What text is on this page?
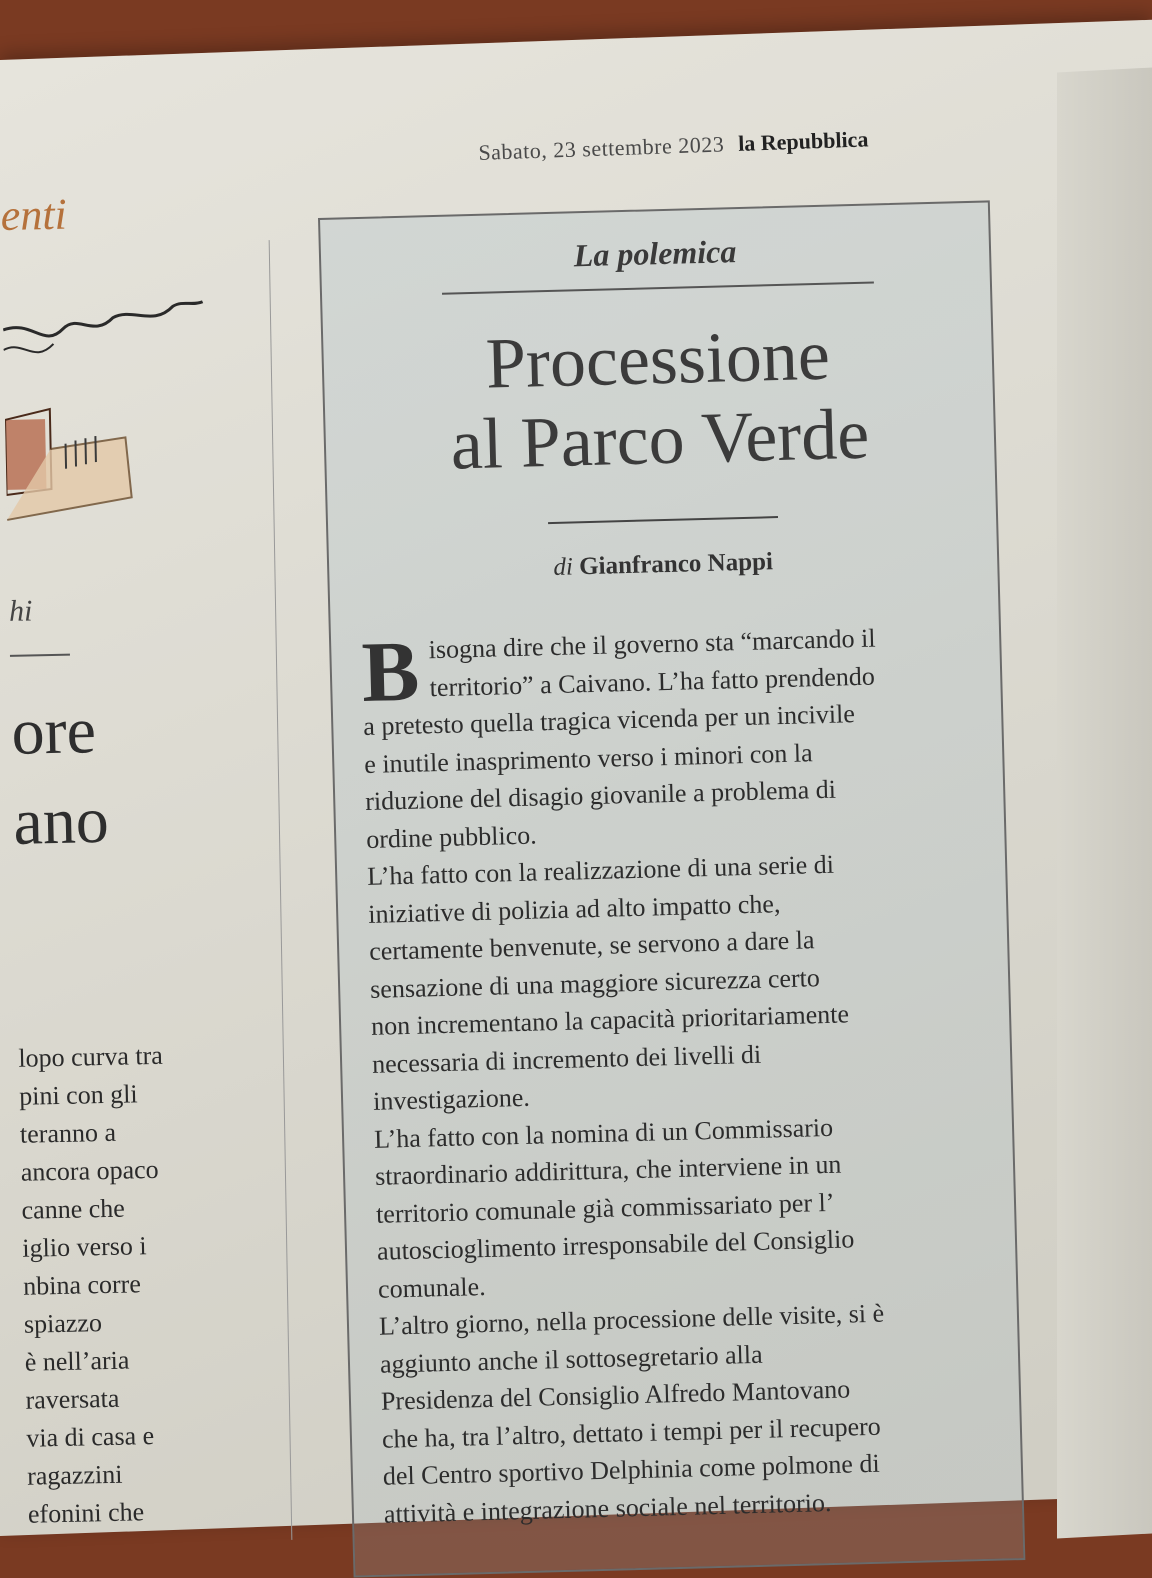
Sabato, 23 settembre 2023 la Repubblica
enti
hi
ore
ano
lopo curva tra
pini con gli
teranno a
ancora opaco
canne che
iglio verso i
nbina corre
spiazzo
è nell’aria
raversata
via di casa e
ragazzini
efonini che
La polemica
Processione
al Parco Verde
di Gianfranco Nappi

B isogna dire che il governo sta “marcando il
territorio” a Caivano. L’ha fatto prendendo
a pretesto quella tragica vicenda per un incivile
e inutile inasprimento verso i minori con la
riduzione del disagio giovanile a problema di
ordine pubblico.

L’ha fatto con la realizzazione di una serie di
iniziative di polizia ad alto impatto che,
certamente benvenute, se servono a dare la
sensazione di una maggiore sicurezza certo
non incrementano la capacità prioritariamente
necessaria di incremento dei livelli di
investigazione.

L’ha fatto con la nomina di un Commissario
straordinario addirittura, che interviene in un
territorio comunale già commissariato per l’
autoscioglimento irresponsabile del Consiglio
comunale.

L’altro giorno, nella processione delle visite, si è
aggiunto anche il sottosegretario alla
Presidenza del Consiglio Alfredo Mantovano
che ha, tra l’altro, dettato i tempi per il recupero
del Centro sportivo Delphinia come polmone di
attività e integrazione sociale nel territorio.
